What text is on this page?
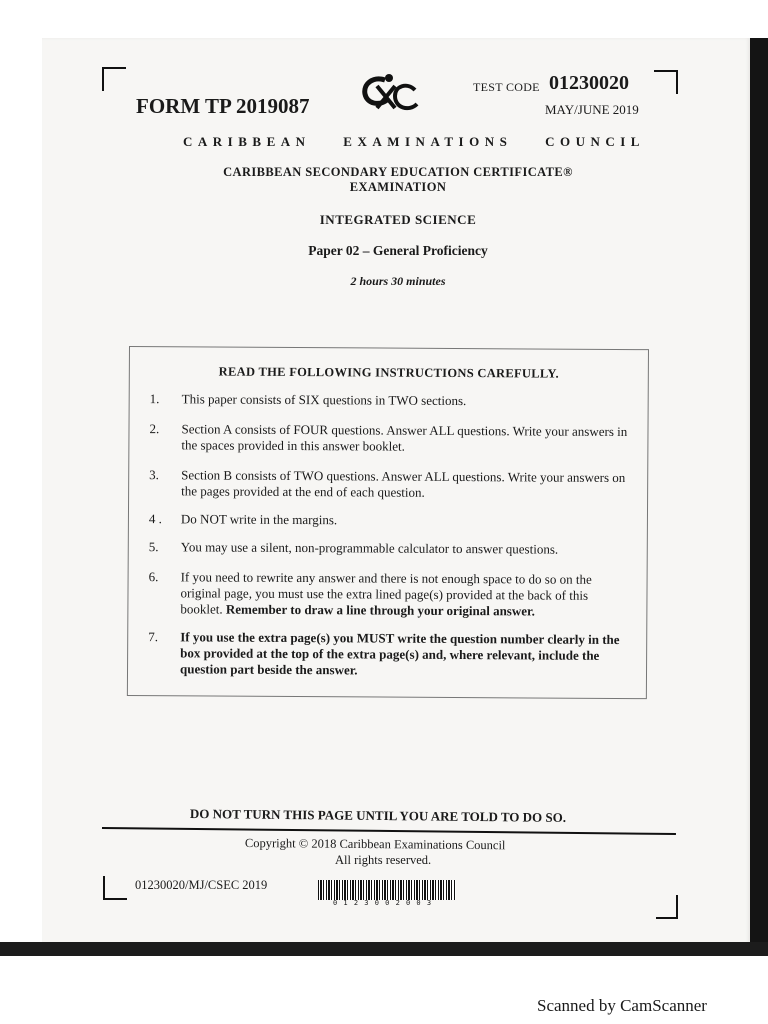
FORM TP 2019087
TEST CODE 01230020
MAY/JUNE 2019
CARIBBEAN EXAMINATIONS COUNCIL
CARIBBEAN SECONDARY EDUCATION CERTIFICATE®
EXAMINATION
INTEGRATED SCIENCE
Paper 02 – General Proficiency
2 hours 30 minutes
READ THE FOLLOWING INSTRUCTIONS CAREFULLY.
1.	This paper consists of SIX questions in TWO sections.
2.	Section A consists of FOUR questions. Answer ALL questions. Write your answers in the spaces provided in this answer booklet.
3.	Section B consists of TWO questions. Answer ALL questions. Write your answers on the pages provided at the end of each question.
4 .	Do NOT write in the margins.
5.	You may use a silent, non-programmable calculator to answer questions.
6.	If you need to rewrite any answer and there is not enough space to do so on the original page, you must use the extra lined page(s) provided at the back of this booklet. Remember to draw a line through your original answer.
7.	If you use the extra page(s) you MUST write the question number clearly in the box provided at the top of the extra page(s) and, where relevant, include the question part beside the answer.
DO NOT TURN THIS PAGE UNTIL YOU ARE TOLD TO DO SO.
Copyright © 2018 Caribbean Examinations Council
All rights reserved.
01230020/MJ/CSEC 2019
0 1 2 3 0 0 2 0 0 3
Scanned by CamScanner
